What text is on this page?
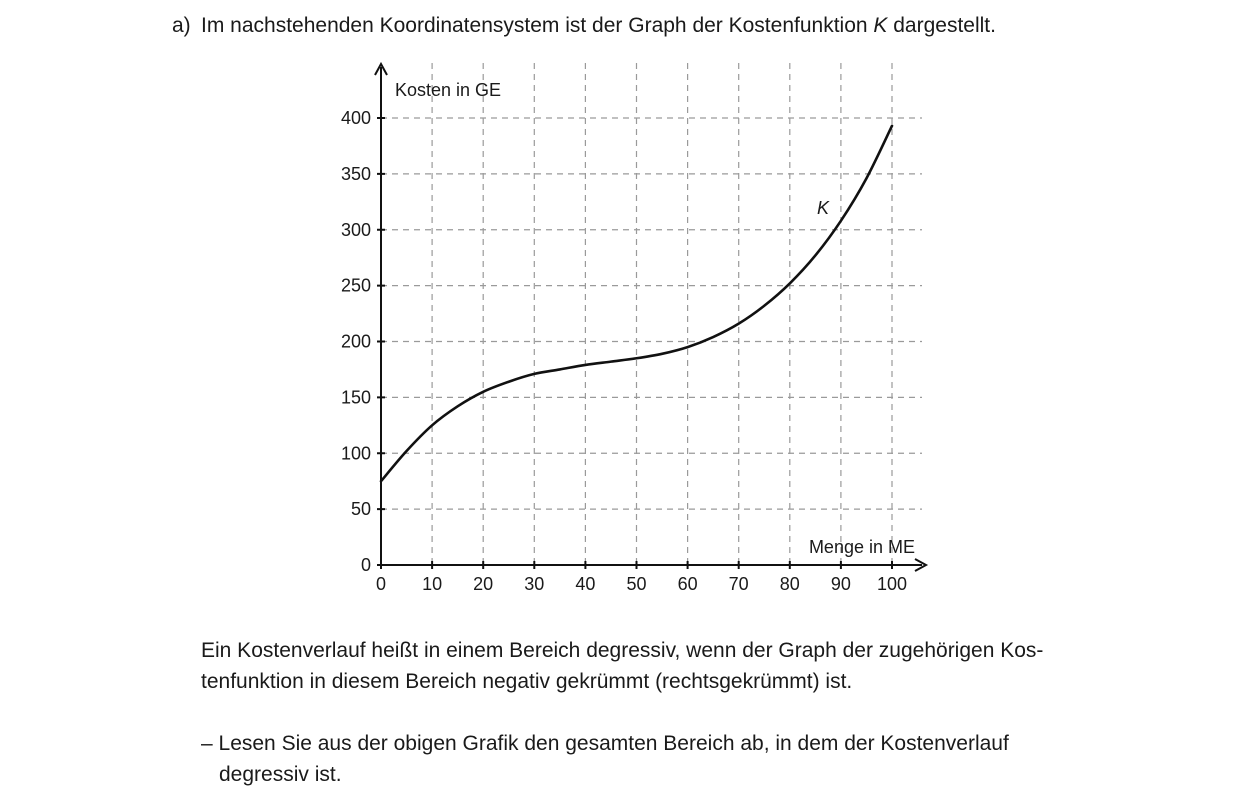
a) Im nachstehenden Koordinatensystem ist der Graph der Kostenfunktion K dargestellt.
0 10 20 30 40 50 60 70 80 90 100
0
50
100
150
200
250
300
350
400
Kosten in GE
Menge in ME
K
Ein Kostenverlauf heißt in einem Bereich degressiv, wenn der Graph der zugehörigen Kos-
tenfunktion in diesem Bereich negativ gekrümmt (rechtsgekrümmt) ist.
– Lesen Sie aus der obigen Grafik den gesamten Bereich ab, in dem der Kostenverlauf
degressiv ist.
